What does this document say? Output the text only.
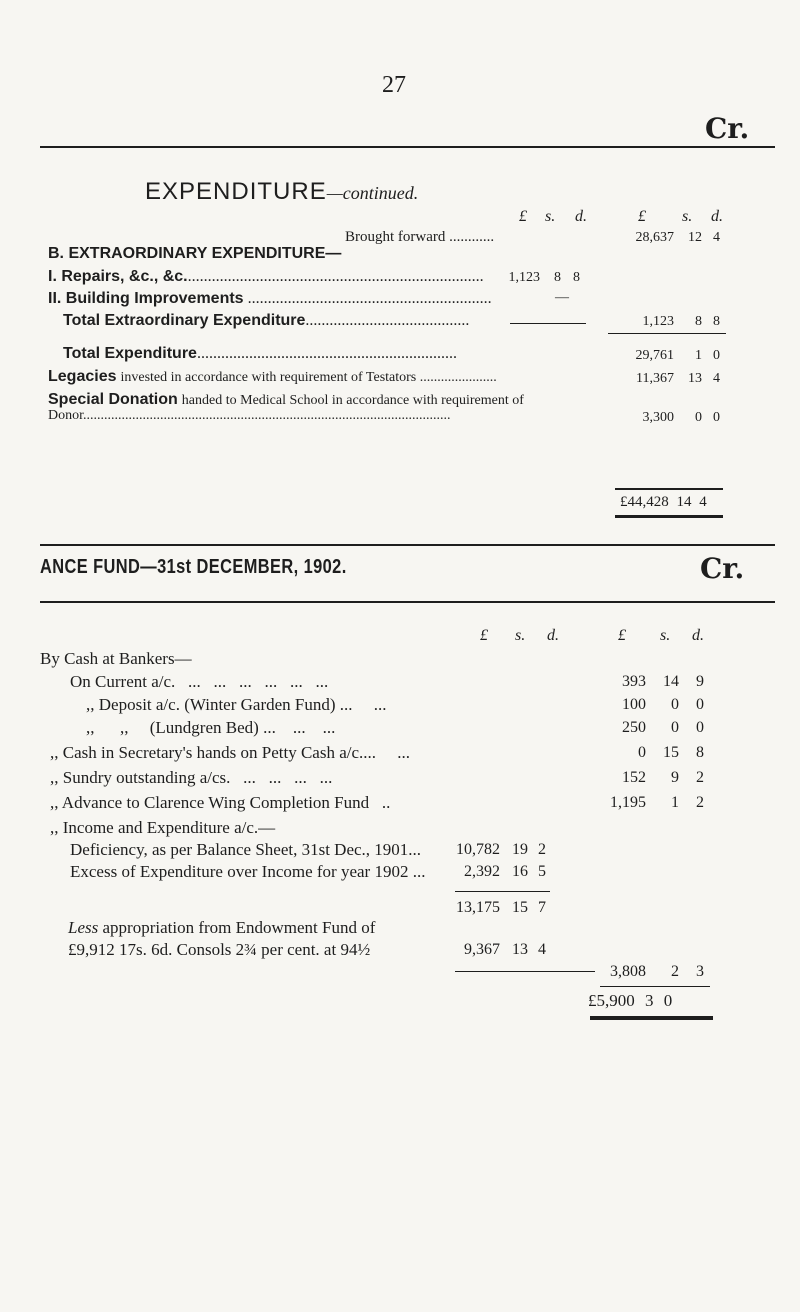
27
Cr.
EXPENDITURE—continued.
£ s. d.	£ s. d.
Brought forward ............	28,637	12 4
B. EXTRAORDINARY EXPENDITURE—
I. Repairs, &c., &c...........................................................................	1,123	8 8
II. Building Improvements .............................................................	—
Total Extraordinary Expenditure.........................................	1,123	8 8
Total Expenditure.................................................................	29,761	1 0
Legacies invested in accordance with requirement of Testators ......................	11,367	13 4
Special Donation handed to Medical School in accordance with requirement of
Donor.........................................................................................................	3,300	0 0
£44,428 14 4
ANCE FUND—31st DECEMBER, 1902.	Cr.
£ s. d.	£ s. d.
By Cash at Bankers—
On Current a/c.   ...   ...   ...   ...   ...   ...	393	14	9
,, Deposit a/c. (Winter Garden Fund) ...     ...	100	0	0
,,      ,,     (Lundgren Bed) ...    ...    ...	250	0	0
,, Cash in Secretary's hands on Petty Cash a/c....     ...	0	15	8
,, Sundry outstanding a/cs.   ...   ...   ...   ...	152	9	2
,, Advance to Clarence Wing Completion Fund   ..	1,195	1	2
,, Income and Expenditure a/c.—
Deficiency, as per Balance Sheet, 31st Dec., 1901...	10,782 19 2
Excess of Expenditure over Income for year 1902 ...	2,392 16 5
13,175 15 7
Less appropriation from Endowment Fund of
£9,912 17s. 6d. Consols 2¾ per cent. at 94½	9,367 13 4
3,808	2	3
£5,900 3 0
